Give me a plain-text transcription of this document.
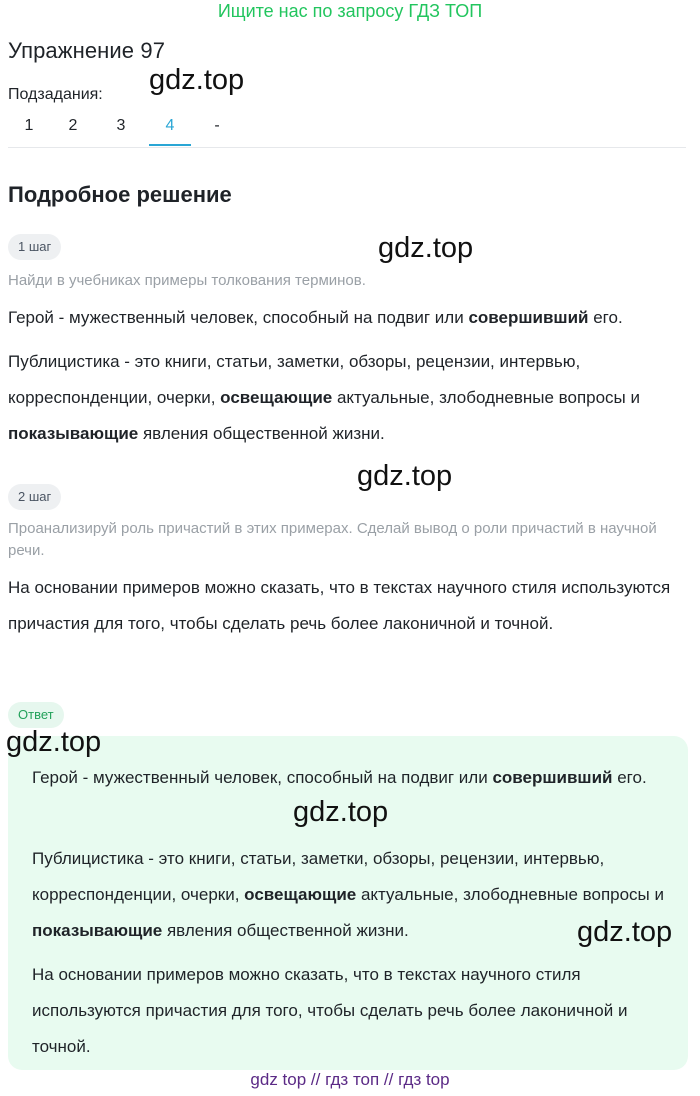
Ищите нас по запросу ГДЗ ТОП
Упражнение 97
Подзадания:
1	2	3	4	-
Подробное решение
1 шаг
Найди в учебниках примеры толкования терминов.

Герой - мужественный человек, способный на подвиг или совершивший его.

Публицистика - это книги, статьи, заметки, обзоры, рецензии, интервью, корреспонденции, очерки, освещающие актуальные, злободневные вопросы и показывающие явления общественной жизни.

2 шаг
Проанализируй роль причастий в этих примерах. Сделай вывод о роли причастий в научной речи.

На основании примеров можно сказать, что в текстах научного стиля используются причастия для того, чтобы сделать речь более лаконичной и точной.

Ответ

Герой - мужественный человек, способный на подвиг или совершивший его.

Публицистика - это книги, статьи, заметки, обзоры, рецензии, интервью, корреспонденции, очерки, освещающие актуальные, злободневные вопросы и показывающие явления общественной жизни.

На основании примеров можно сказать, что в текстах научного стиля используются причастия для того, чтобы сделать речь более лаконичной и точной.

gdz.top
gdz.top
gdz.top
gdz.top
gdz.top
gdz.top
gdz top // гдз топ // гдз top
